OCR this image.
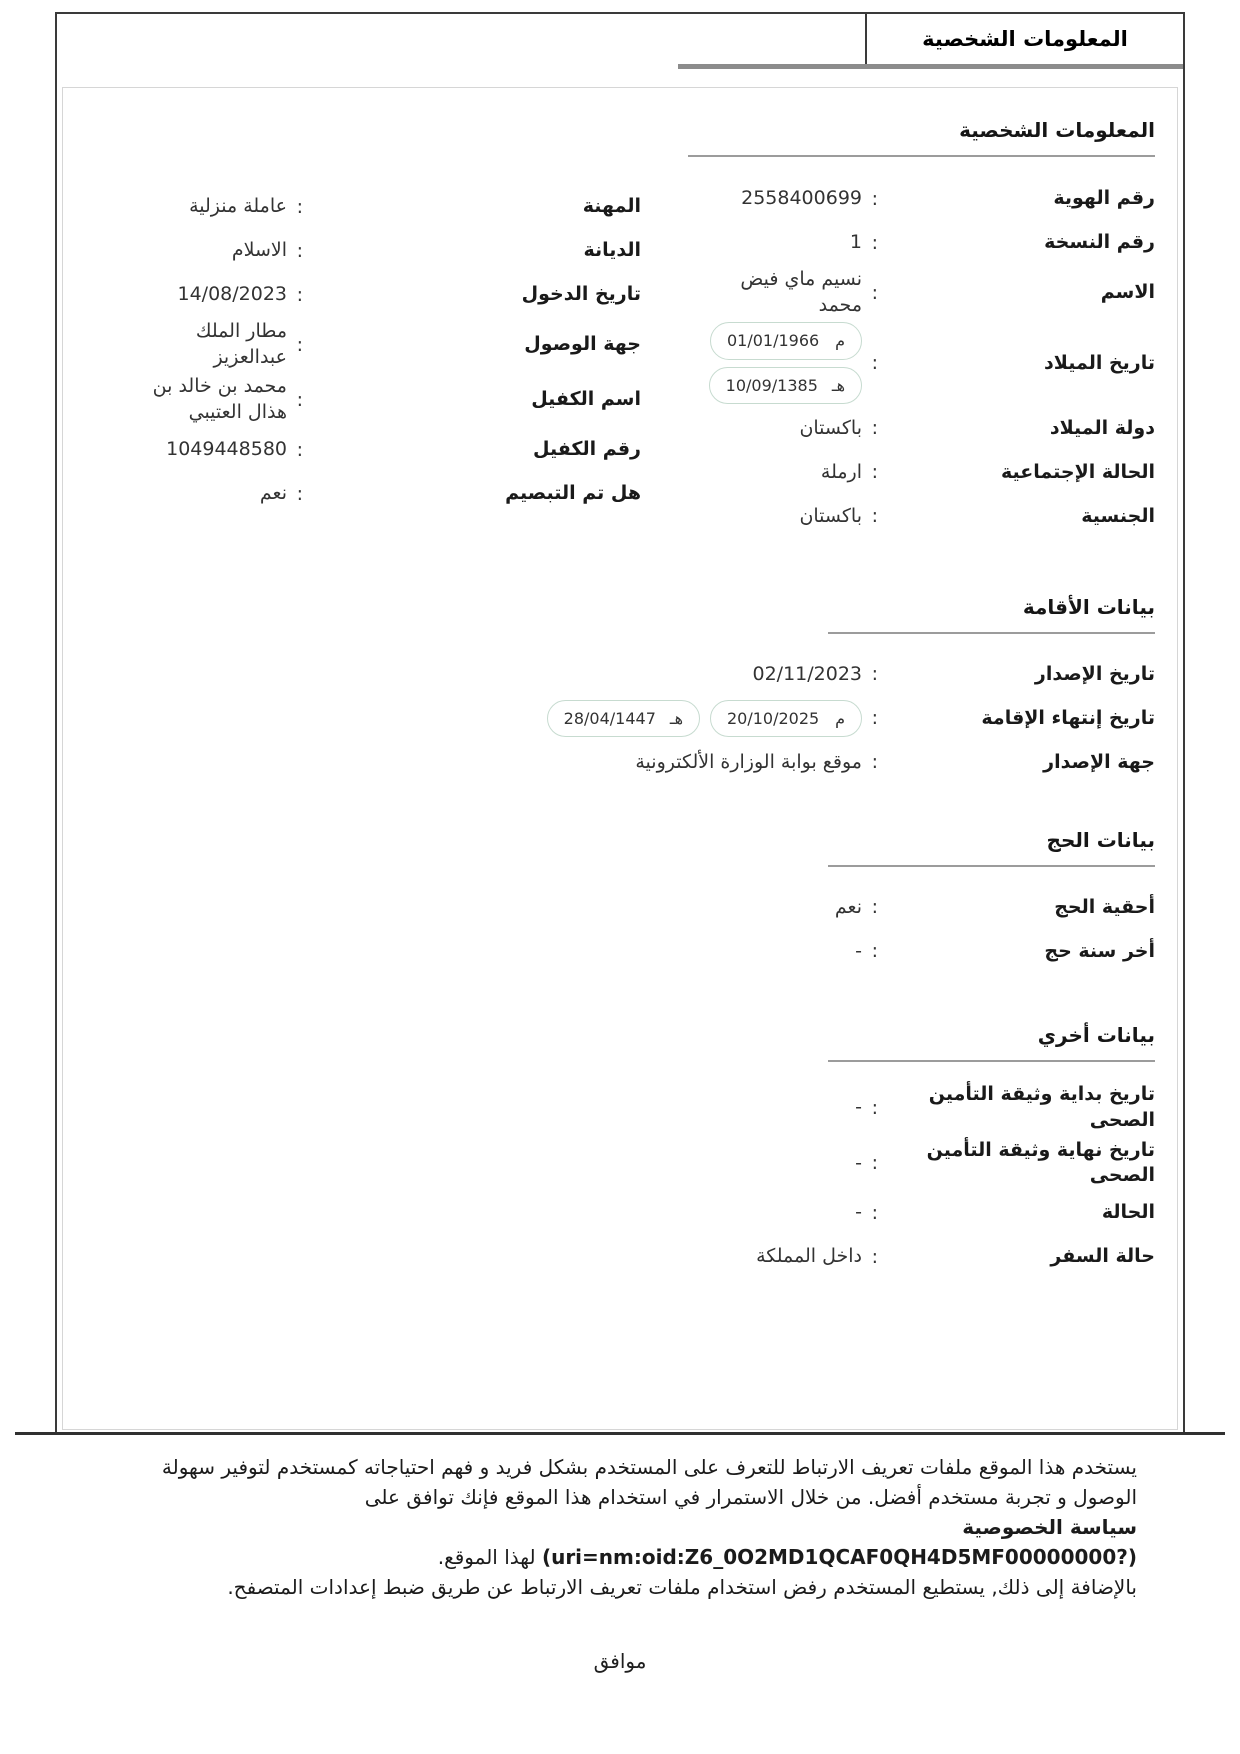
المعلومات الشخصية
المعلومات الشخصية
رقم الهوية
:
2558400699
رقم النسخة
:
1
الاسم
:
نسيم ماي فيض محمد
تاريخ الميلاد
:
م
01/01/1966
هـ
10/09/1385
دولة الميلاد
:
باكستان
الحالة الإجتماعية
:
ارملة
الجنسية
:
باكستان
المهنة
:
عاملة منزلية
الديانة
:
الاسلام
تاريخ الدخول
:
14/08/2023
جهة الوصول
:
مطار الملك عبدالعزيز
اسم الكفيل
:
محمد بن خالد بن هذال العتيبي
رقم الكفيل
:
1049448580
هل تم التبصيم
:
نعم
بيانات الأقامة
تاريخ الإصدار
:
02/11/2023
تاريخ إنتهاء الإقامة
:
م
20/10/2025
هـ
28/04/1447
جهة الإصدار
:
موقع بوابة الوزارة الألكترونية
بيانات الحج
أحقية الحج
:
نعم
أخر سنة حج
:
-
بيانات أخري
تاريخ بداية وثيقة التأمين الصحى
:
-
تاريخ نهاية وثيقة التأمين الصحى
:
-
الحالة
:
-
حالة السفر
:
داخل المملكة

يستخدم هذا الموقع ملفات تعريف الارتباط للتعرف على المستخدم بشكل فريد و فهم احتياجاته كمستخدم لتوفير سهولة الوصول و تجربة مستخدم أفضل. من خلال الاستمرار في استخدام هذا الموقع فإنك توافق على

سياسة الخصوصية

(uri=nm:oid:Z6_0O2MD1QCAF0QH4D5MF00000000?) لهذا الموقع.

بالإضافة إلى ذلك, يستطيع المستخدم رفض استخدام ملفات تعريف الارتباط عن طريق ضبط إعدادات المتصفح.

موافق
